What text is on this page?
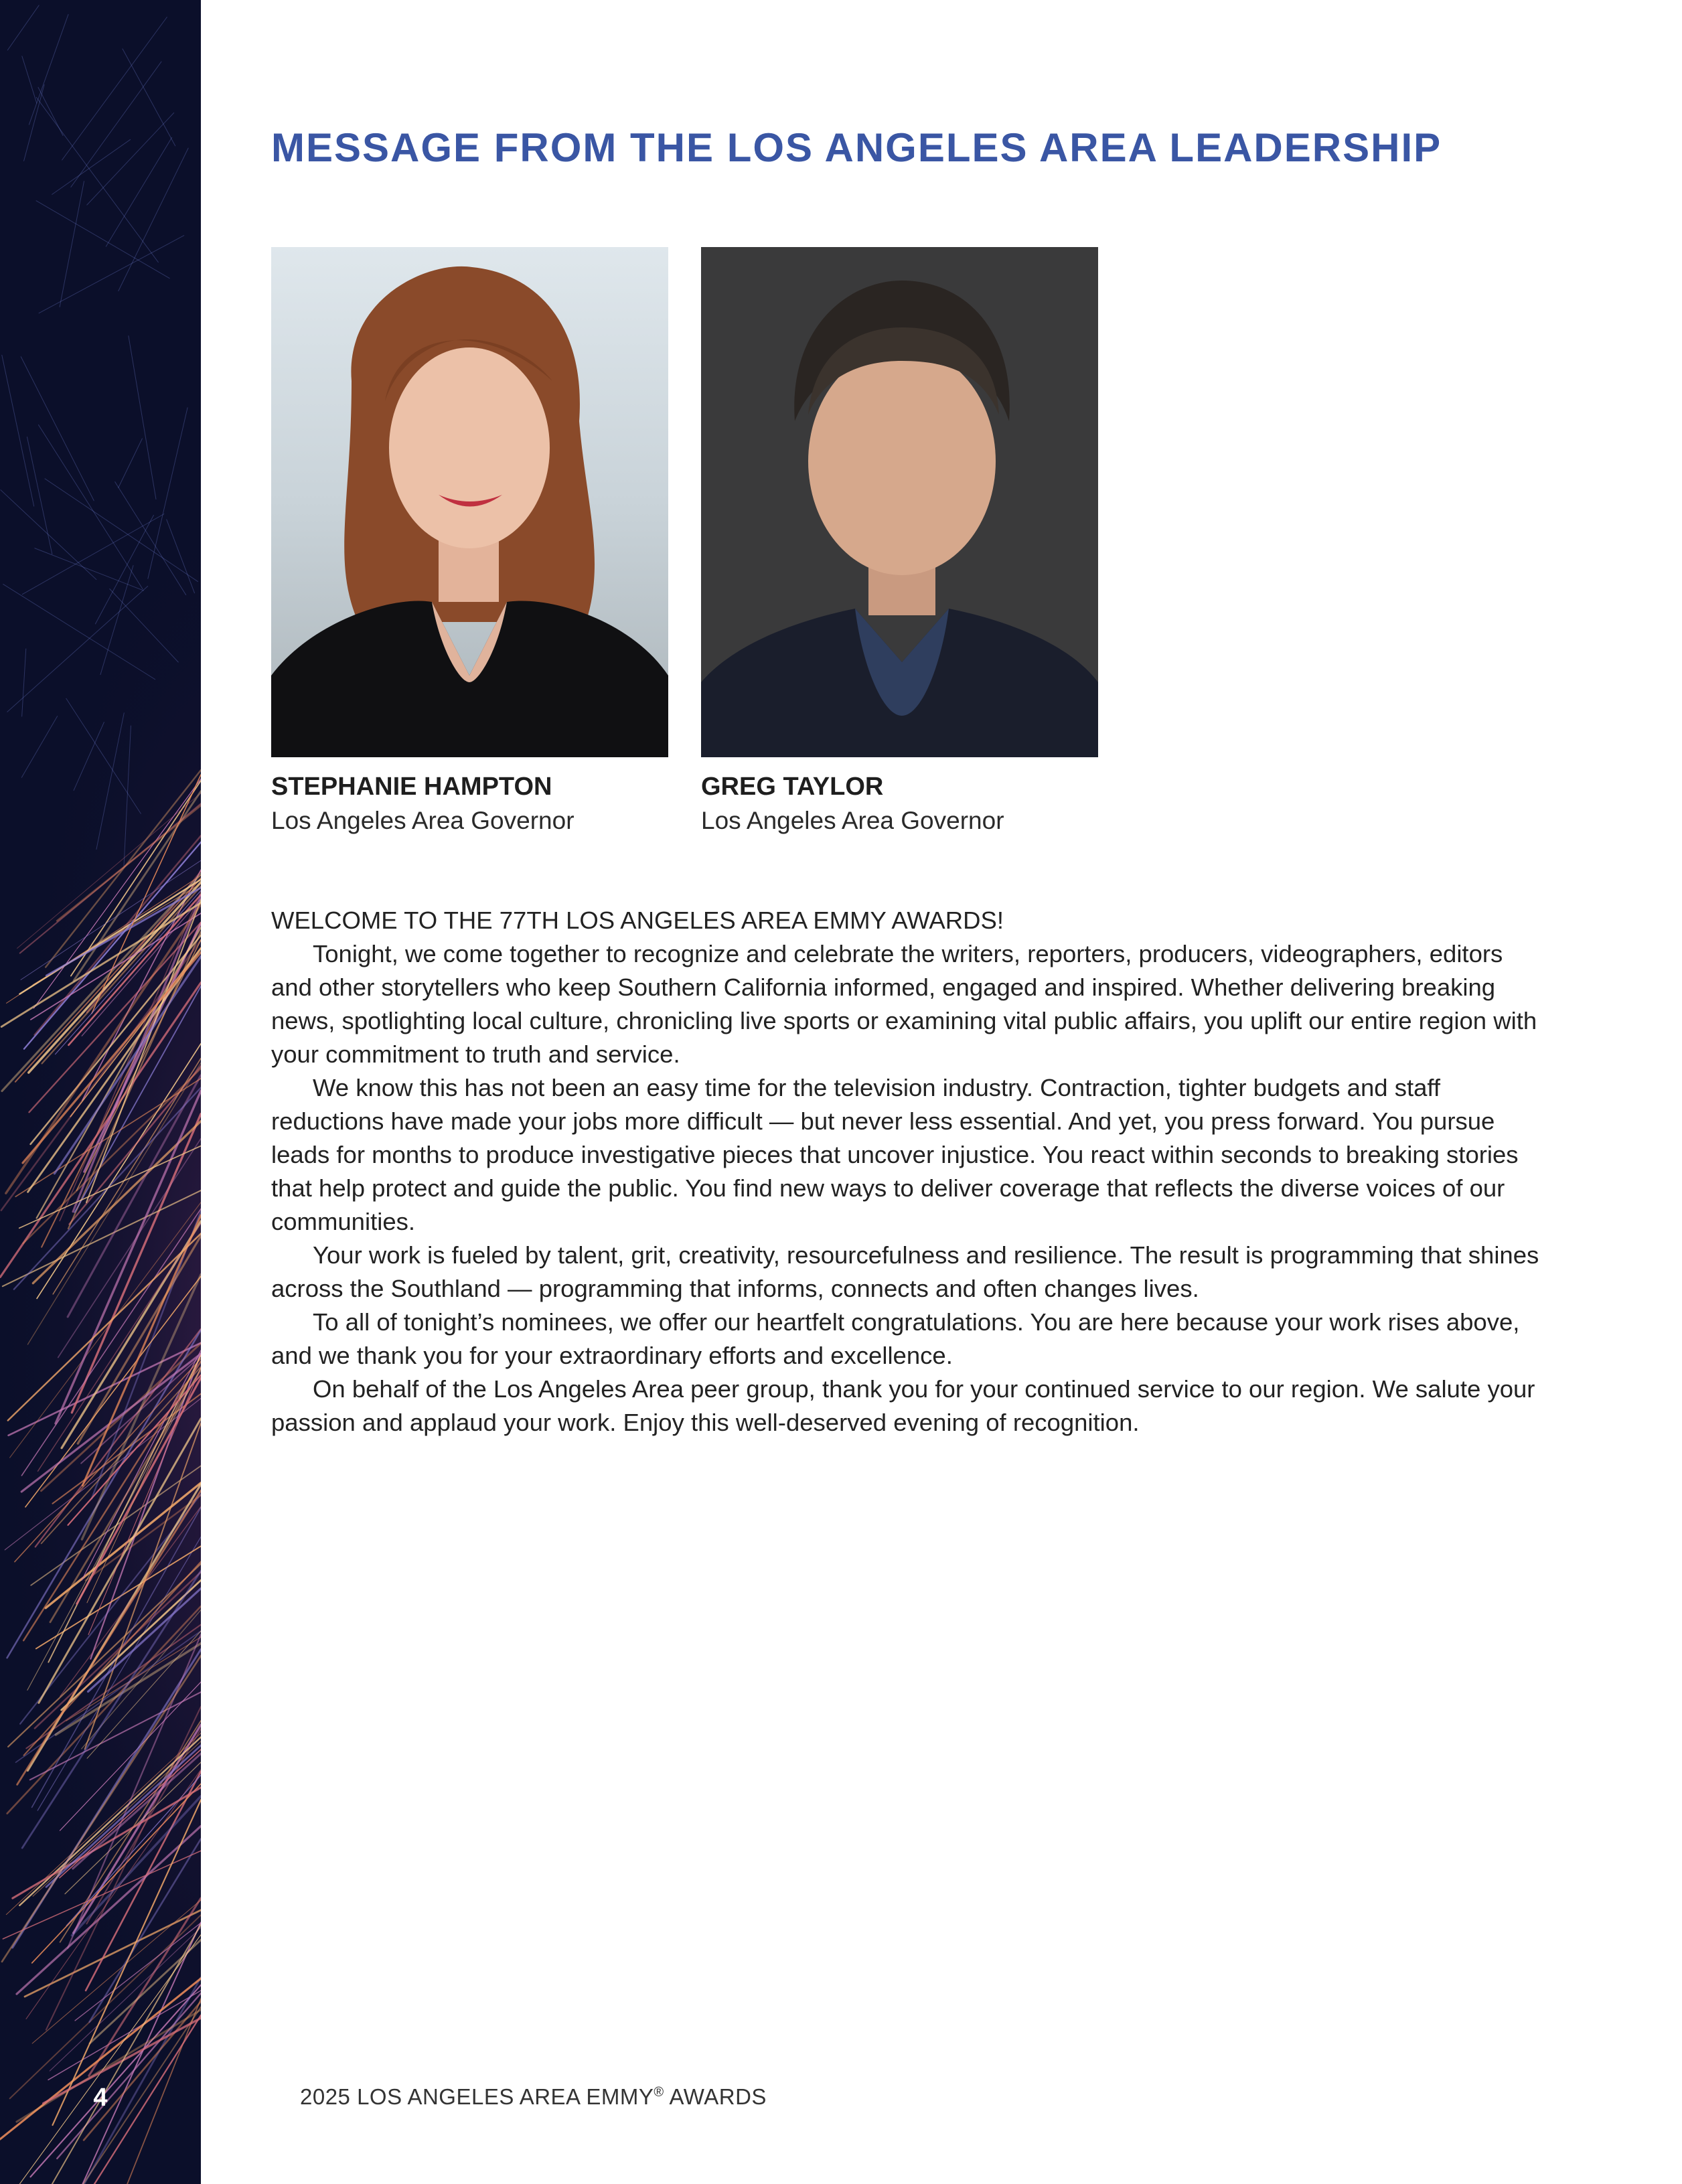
4
MESSAGE FROM THE LOS ANGELES AREA LEADERSHIP
STEPHANIE HAMPTON
Los Angeles Area Governor
GREG TAYLOR
Los Angeles Area Governor

WELCOME TO THE 77TH LOS ANGELES AREA EMMY AWARDS!

Tonight, we come together to recognize and celebrate the writers, reporters, producers, videographers, editors and other storytellers who keep Southern California informed, engaged and inspired. Whether delivering breaking news, spotlighting local culture, chronicling live sports or examining vital public affairs, you uplift our entire region with your commitment to truth and service.

We know this has not been an easy time for the television industry. Contraction, tighter budgets and staff reductions have made your jobs more difficult — but never less essential. And yet, you press forward. You pursue leads for months to produce investigative pieces that uncover injustice. You react within seconds to breaking stories that help protect and guide the public. You find new ways to deliver coverage that reflects the diverse voices of our communities.

Your work is fueled by talent, grit, creativity, resourcefulness and resilience. The result is programming that shines across the Southland — programming that informs, connects and often changes lives.

To all of tonight’s nominees, we offer our heartfelt congratulations. You are here because your work rises above, and we thank you for your extraordinary efforts and excellence.

On behalf of the Los Angeles Area peer group, thank you for your continued service to our region. We salute your passion and applaud your work. Enjoy this well-deserved evening of recognition.

2025 LOS ANGELES AREA EMMY® AWARDS
